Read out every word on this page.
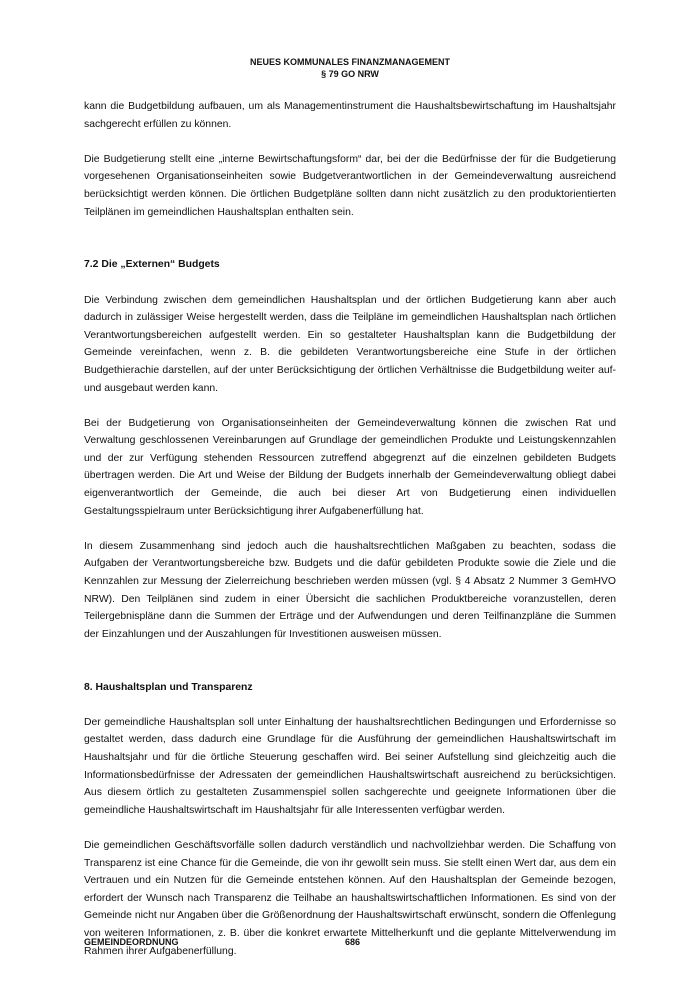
NEUES KOMMUNALES FINANZMANAGEMENT
§ 79 GO NRW

kann die Budgetbildung aufbauen, um als Managementinstrument die Haushaltsbewirtschaftung im Haushaltsjahr sachgerecht erfüllen zu können.

Die Budgetierung stellt eine „interne Bewirtschaftungsform“ dar, bei der die Bedürfnisse der für die Budgetierung vorgesehenen Organisationseinheiten sowie Budgetverantwortlichen in der Gemeindeverwaltung ausreichend berücksichtigt werden können. Die örtlichen Budgetpläne sollten dann nicht zusätzlich zu den produktorientierten Teilplänen im gemeindlichen Haushaltsplan enthalten sein.

7.2 Die „Externen“ Budgets

Die Verbindung zwischen dem gemeindlichen Haushaltsplan und der örtlichen Budgetierung kann aber auch dadurch in zulässiger Weise hergestellt werden, dass die Teilpläne im gemeindlichen Haushaltsplan nach örtlichen Verantwortungsbereichen aufgestellt werden. Ein so gestalteter Haushaltsplan kann die Budgetbildung der Gemeinde vereinfachen, wenn z. B. die gebildeten Verantwortungsbereiche eine Stufe in der örtlichen Budgethierachie darstellen, auf der unter Berücksichtigung der örtlichen Verhältnisse die Budgetbildung weiter auf- und ausgebaut werden kann.

Bei der Budgetierung von Organisationseinheiten der Gemeindeverwaltung können die zwischen Rat und Verwaltung geschlossenen Vereinbarungen auf Grundlage der gemeindlichen Produkte und Leistungskennzahlen und der zur Verfügung stehenden Ressourcen zutreffend abgegrenzt auf die einzelnen gebildeten Budgets übertragen werden. Die Art und Weise der Bildung der Budgets innerhalb der Gemeindeverwaltung obliegt dabei eigenverantwortlich der Gemeinde, die auch bei dieser Art von Budgetierung einen individuellen Gestaltungsspielraum unter Berücksichtigung ihrer Aufgabenerfüllung hat.

In diesem Zusammenhang sind jedoch auch die haushaltsrechtlichen Maßgaben zu beachten, sodass die Aufgaben der Verantwortungsbereiche bzw. Budgets und die dafür gebildeten Produkte sowie die Ziele und die Kennzahlen zur Messung der Zielerreichung beschrieben werden müssen (vgl. § 4 Absatz 2 Nummer 3 GemHVO NRW). Den Teilplänen sind zudem in einer Übersicht die sachlichen Produktbereiche voranzustellen, deren Teilergebnispläne dann die Summen der Erträge und der Aufwendungen und deren Teilfinanzpläne die Summen der Einzahlungen und der Auszahlungen für Investitionen ausweisen müssen.

8. Haushaltsplan und Transparenz

Der gemeindliche Haushaltsplan soll unter Einhaltung der haushaltsrechtlichen Bedingungen und Erfordernisse so gestaltet werden, dass dadurch eine Grundlage für die Ausführung der gemeindlichen Haushaltswirtschaft im Haushaltsjahr und für die örtliche Steuerung geschaffen wird. Bei seiner Aufstellung sind gleichzeitig auch die Informationsbedürfnisse der Adressaten der gemeindlichen Haushaltswirtschaft ausreichend zu berücksichtigen. Aus diesem örtlich zu gestalteten Zusammenspiel sollen sachgerechte und geeignete Informationen über die gemeindliche Haushaltswirtschaft im Haushaltsjahr für alle Interessenten verfügbar werden.

Die gemeindlichen Geschäftsvorfälle sollen dadurch verständlich und nachvollziehbar werden. Die Schaffung von Transparenz ist eine Chance für die Gemeinde, die von ihr gewollt sein muss. Sie stellt einen Wert dar, aus dem ein Vertrauen und ein Nutzen für die Gemeinde entstehen können. Auf den Haushaltsplan der Gemeinde bezogen, erfordert der Wunsch nach Transparenz die Teilhabe an haushaltswirtschaftlichen Informationen. Es sind von der Gemeinde nicht nur Angaben über die Größenordnung der Haushaltswirtschaft erwünscht, sondern die Offenlegung von weiteren Informationen, z. B. über die konkret erwartete Mittelherkunft und die geplante Mittelverwendung im Rahmen ihrer Aufgabenerfüllung.

GEMEINDEORDNUNG	686
